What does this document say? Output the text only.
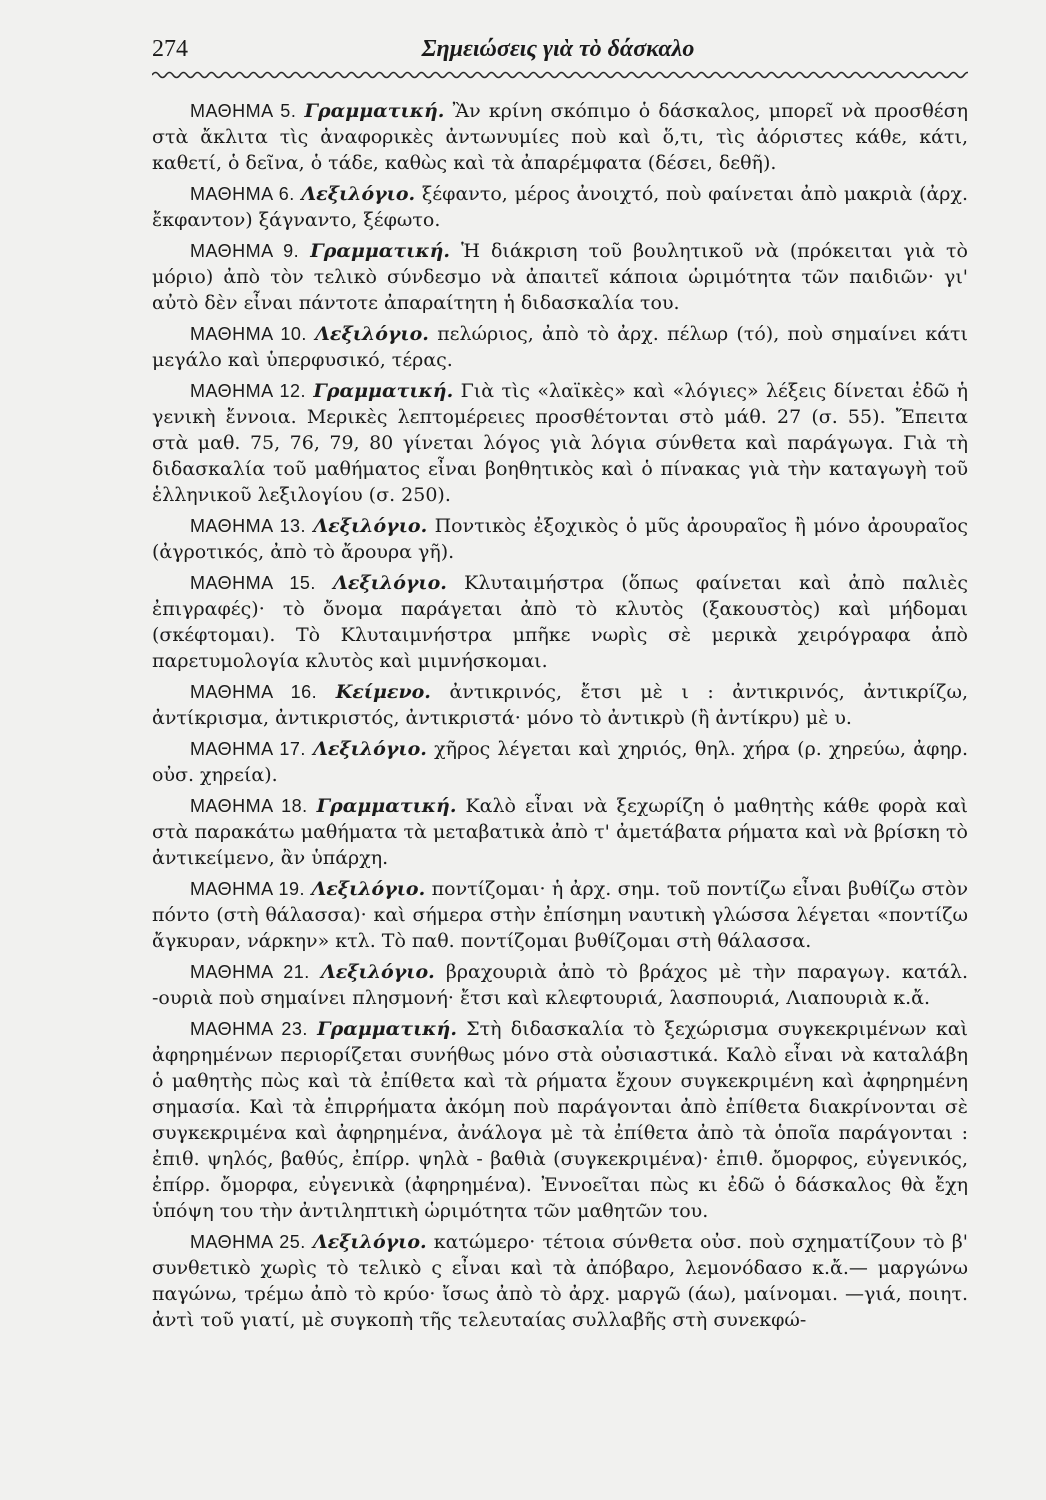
274	Σημειώσεις γιὰ τὸ δάσκαλο

ΜΑΘΗΜΑ 5. Γραμματική. Ἂν κρίνη σκόπιμο ὁ δάσκαλος, μπορεῖ νὰ προσθέση στὰ ἄκλιτα τὶς ἀναφορικὲς ἀντωνυμίες ποὺ καὶ ὅ,τι, τὶς ἀόριστες κάθε, κάτι, καθετί, ὁ δεῖνα, ὁ τάδε, καθὼς καὶ τὰ ἀπαρέμφατα (δέσει, δεθῆ).

ΜΑΘΗΜΑ 6. Λεξιλόγιο. ξέφαντο, μέρος ἀνοιχτό, ποὺ φαίνεται ἀπὸ μακριὰ (ἀρχ. ἔκφαντον) ξάγναντο, ξέφωτο.

ΜΑΘΗΜΑ 9. Γραμματική. Ἡ διάκριση τοῦ βουλητικοῦ νὰ (πρόκειται γιὰ τὸ μόριο) ἀπὸ τὸν τελικὸ σύνδεσμο νὰ ἀπαιτεῖ κάποια ὡριμότητα τῶν παιδιῶν· γι' αὐτὸ δὲν εἶναι πάντοτε ἀπαραίτητη ἡ διδασκαλία του.

ΜΑΘΗΜΑ 10. Λεξιλόγιο. πελώριος, ἀπὸ τὸ ἀρχ. πέλωρ (τό), ποὺ σημαίνει κάτι μεγάλο καὶ ὑπερφυσικό, τέρας.

ΜΑΘΗΜΑ 12. Γραμματική. Γιὰ τὶς «λαϊκὲς» καὶ «λόγιες» λέξεις δίνεται ἐδῶ ἡ γενικὴ ἔννοια. Μερικὲς λεπτομέρειες προσθέτονται στὸ μάθ. 27 (σ. 55). Ἔπειτα στὰ μαθ. 75, 76, 79, 80 γίνεται λόγος γιὰ λόγια σύνθετα καὶ παράγωγα. Γιὰ τὴ διδασκαλία τοῦ μαθήματος εἶναι βοηθητικὸς καὶ ὁ πίνακας γιὰ τὴν καταγωγὴ τοῦ ἑλληνικοῦ λεξιλογίου (σ. 250).

ΜΑΘΗΜΑ 13. Λεξιλόγιο. Ποντικὸς ἐξοχικὸς ὁ μῦς ἀρουραῖος ἢ μόνο ἀρουραῖος (ἀγροτικός, ἀπὸ τὸ ἄρουρα γῆ).

ΜΑΘΗΜΑ 15. Λεξιλόγιο. Κλυταιμήστρα (ὅπως φαίνεται καὶ ἀπὸ παλιὲς ἐπιγραφές)· τὸ ὄνομα παράγεται ἀπὸ τὸ κλυτὸς (ξακουστὸς) καὶ μήδομαι (σκέφτομαι). Τὸ Κλυταιμνήστρα μπῆκε νωρὶς σὲ μερικὰ χειρόγραφα ἀπὸ παρετυμολογία κλυτὸς καὶ μιμνήσκομαι.

ΜΑΘΗΜΑ 16. Κείμενο. ἀντικρινός, ἔτσι μὲ ι : ἀντικρινός, ἀντικρίζω, ἀντίκρισμα, ἀντικριστός, ἀντικριστά· μόνο τὸ ἀντικρὺ (ἢ ἀντίκρυ) μὲ υ.

ΜΑΘΗΜΑ 17. Λεξιλόγιο. χῆρος λέγεται καὶ χηριός, θηλ. χήρα (ρ. χηρεύω, ἀφηρ. οὐσ. χηρεία).

ΜΑΘΗΜΑ 18. Γραμματική. Καλὸ εἶναι νὰ ξεχωρίζη ὁ μαθητὴς κάθε φορὰ καὶ στὰ παρακάτω μαθήματα τὰ μεταβατικὰ ἀπὸ τ' ἀμετάβατα ρήματα καὶ νὰ βρίσκη τὸ ἀντικείμενο, ἂν ὑπάρχη.

ΜΑΘΗΜΑ 19. Λεξιλόγιο. ποντίζομαι· ἡ ἀρχ. σημ. τοῦ ποντίζω εἶναι βυθίζω στὸν πόντο (στὴ θάλασσα)· καὶ σήμερα στὴν ἐπίσημη ναυτικὴ γλώσσα λέγεται «ποντίζω ἄγκυραν, νάρκην» κτλ. Τὸ παθ. ποντίζομαι βυθίζομαι στὴ θάλασσα.

ΜΑΘΗΜΑ 21. Λεξιλόγιο. βραχουριὰ ἀπὸ τὸ βράχος μὲ τὴν παραγωγ. κατάλ. -ουριὰ ποὺ σημαίνει πλησμονή· ἔτσι καὶ κλεφτουριά, λασπουριά, Λιαπουριὰ κ.ἄ.

ΜΑΘΗΜΑ 23. Γραμματική. Στὴ διδασκαλία τὸ ξεχώρισμα συγκεκριμένων καὶ ἀφηρημένων περιορίζεται συνήθως μόνο στὰ οὐσιαστικά. Καλὸ εἶναι νὰ καταλάβη ὁ μαθητὴς πὼς καὶ τὰ ἐπίθετα καὶ τὰ ρήματα ἔχουν συγκεκριμένη καὶ ἀφηρημένη σημασία. Καὶ τὰ ἐπιρρήματα ἀκόμη ποὺ παράγονται ἀπὸ ἐπίθετα διακρίνονται σὲ συγκεκριμένα καὶ ἀφηρημένα, ἀνάλογα μὲ τὰ ἐπίθετα ἀπὸ τὰ ὁποῖα παράγονται : ἐπιθ. ψηλός, βαθύς, ἐπίρρ. ψηλὰ - βαθιὰ (συγκεκριμένα)· ἐπιθ. ὄμορφος, εὐγενικός, ἐπίρρ. ὄμορφα, εὐγενικὰ (ἀφηρημένα). Ἐννοεῖται πὼς κι ἐδῶ ὁ δάσκαλος θὰ ἔχη ὑπόψη του τὴν ἀντιληπτικὴ ὡριμότητα τῶν μαθητῶν του.

ΜΑΘΗΜΑ 25. Λεξιλόγιο. κατώμερο· τέτοια σύνθετα οὐσ. ποὺ σχηματίζουν τὸ β' συνθετικὸ χωρὶς τὸ τελικὸ ς εἶναι καὶ τὰ ἀπόβαρο, λεμονόδασο κ.ἄ.— μαργώνω παγώνω, τρέμω ἀπὸ τὸ κρύο· ἴσως ἀπὸ τὸ ἀρχ. μαργῶ (άω), μαίνομαι. —γιά, ποιητ. ἀντὶ τοῦ γιατί, μὲ συγκοπὴ τῆς τελευταίας συλλαβῆς στὴ συνεκφώ-
